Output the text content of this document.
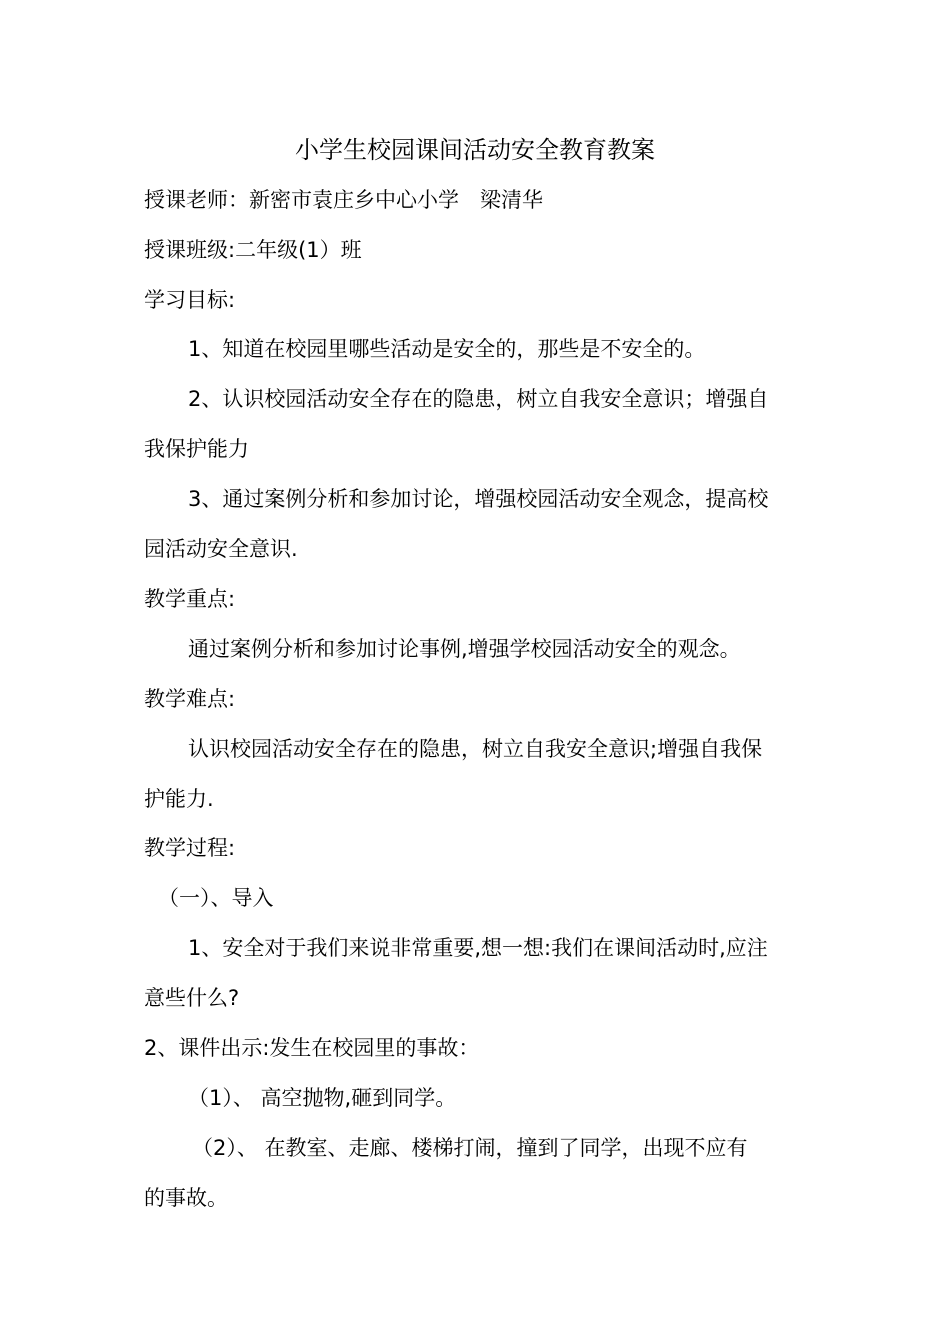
小学生校园课间活动安全教育教案
授课老师：新密市袁庄乡中心小学　梁清华
授课班级:二年级(1）班
学习目标:
1、知道在校园里哪些活动是安全的，那些是不安全的。
2、认识校园活动安全存在的隐患，树立自我安全意识；增强自
我保护能力
3、通过案例分析和参加讨论，增强校园活动安全观念，提高校
园活动安全意识.
教学重点:
通过案例分析和参加讨论事例,增强学校园活动安全的观念。
教学难点:
认识校园活动安全存在的隐患，树立自我安全意识;增强自我保
护能力.
教学过程:
（一）、导入
1、安全对于我们来说非常重要,想一想:我们在课间活动时,应注
意些什么?
2、课件出示:发生在校园里的事故：
（1）、 高空抛物,砸到同学。
（2）、 在教室、走廊、楼梯打闹，撞到了同学，出现不应有
的事故。
